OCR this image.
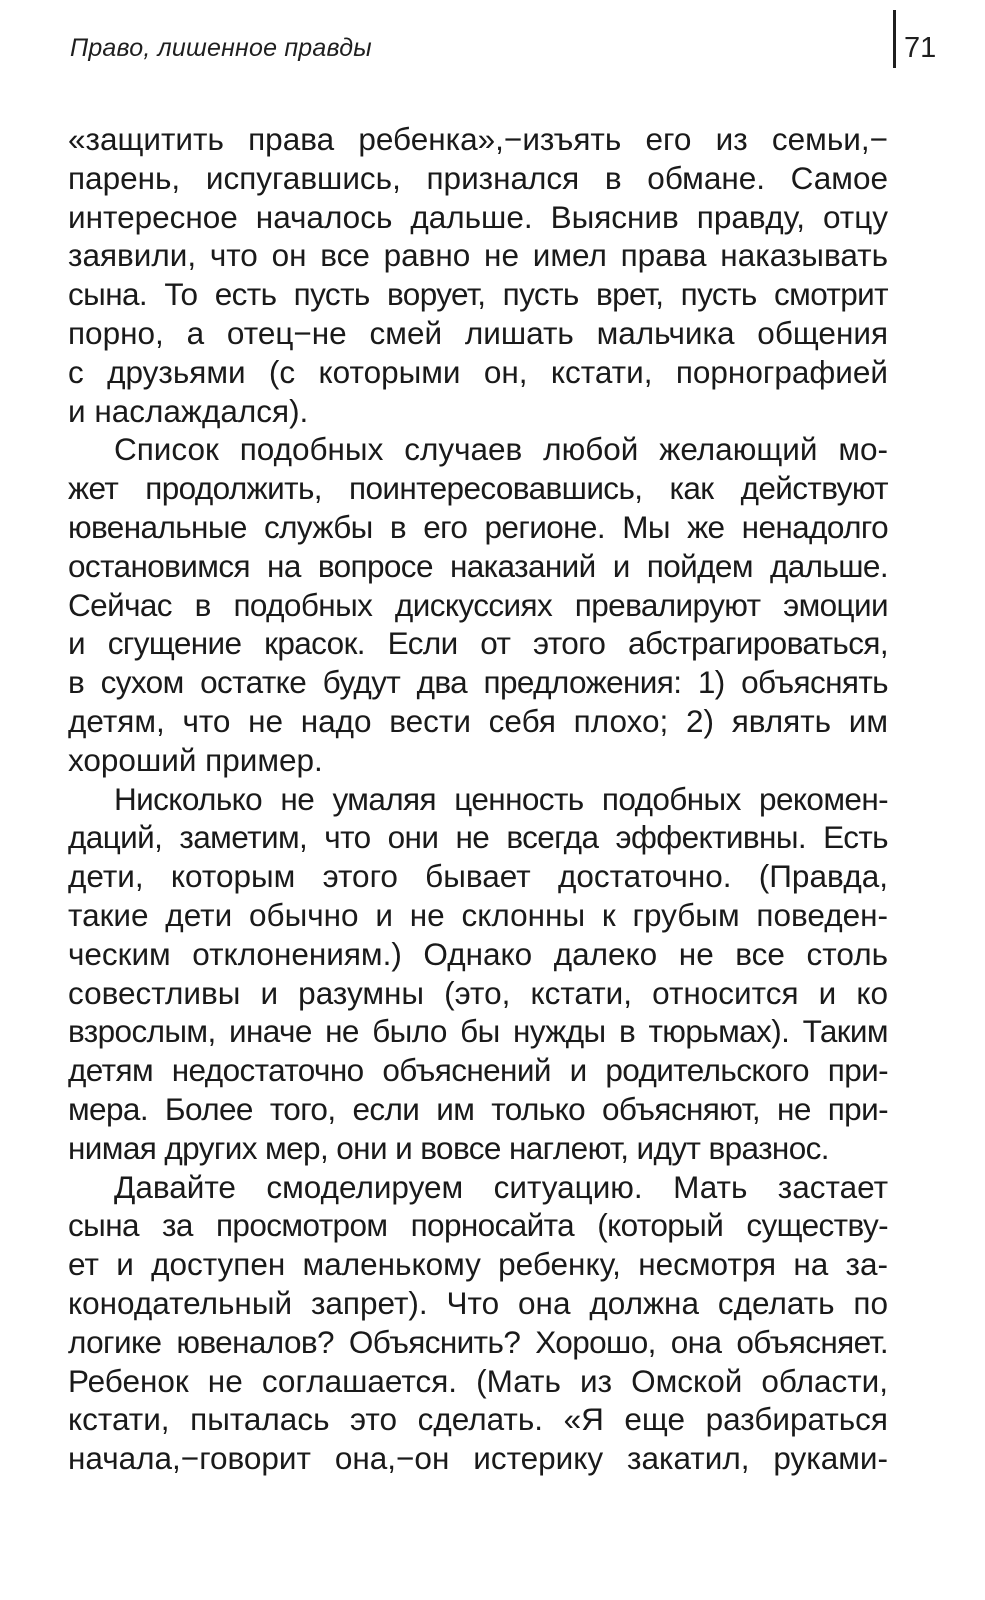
Право, лишенное правды	71
«защитить права ребенка»,−изъять его из семьи,−
парень, испугавшись, признался в обмане. Самое
интересное началось дальше. Выяснив правду, отцу
заявили, что он все равно не имел права наказывать
сына. То есть пусть ворует, пусть врет, пусть смотрит
порно, а отец−не смей лишать мальчика общения
с друзьями (с которыми он, кстати, порнографией
и наслаждался).
Список подобных случаев любой желающий мо-
жет продолжить, поинтересовавшись, как действуют
ювенальные службы в его регионе. Мы же ненадолго
остановимся на вопросе наказаний и пойдем дальше.
Сейчас в подобных дискуссиях превалируют эмоции
и сгущение красок. Если от этого абстрагироваться,
в сухом остатке будут два предложения: 1) объяснять
детям, что не надо вести себя плохо; 2) являть им
хороший пример.
Нисколько не умаляя ценность подобных рекомен-
даций, заметим, что они не всегда эффективны. Есть
дети, которым этого бывает достаточно. (Правда,
такие дети обычно и не склонны к грубым поведен-
ческим отклонениям.) Однако далеко не все столь
совестливы и разумны (это, кстати, относится и ко
взрослым, иначе не было бы нужды в тюрьмах). Таким
детям недостаточно объяснений и родительского при-
мера. Более того, если им только объясняют, не при-
нимая других мер, они и вовсе наглеют, идут вразнос.
Давайте смоделируем ситуацию. Мать застает
сына за просмотром порносайта (который существу-
ет и доступен маленькому ребенку, несмотря на за-
конодательный запрет). Что она должна сделать по
логике ювеналов? Объяснить? Хорошо, она объясняет.
Ребенок не соглашается. (Мать из Омской области,
кстати, пыталась это сделать. «Я еще разбираться
начала,−говорит она,−он истерику закатил, руками-
